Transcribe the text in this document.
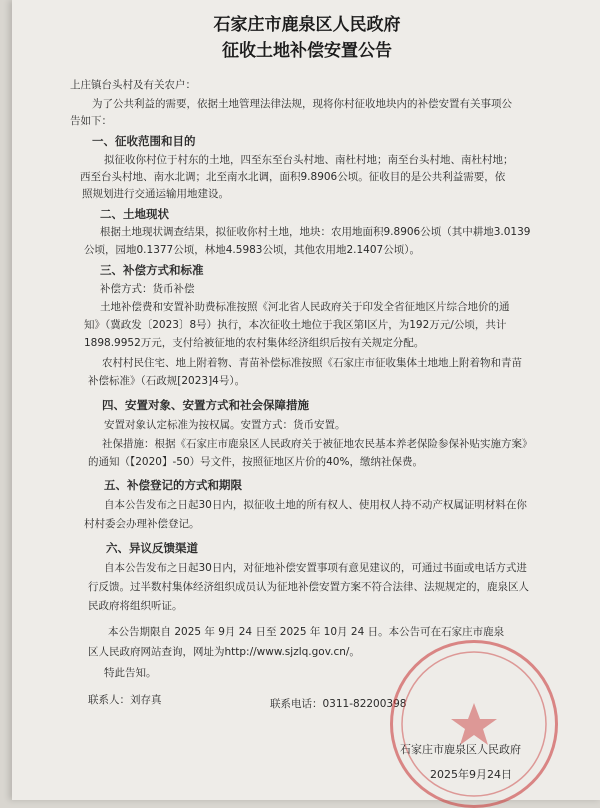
石家庄市鹿泉区人民政府
征收土地补偿安置公告
上庄镇台头村及有关农户：
为了公共利益的需要，依据土地管理法律法规，现将你村征收地块内的补偿安置有关事项公
告如下：
一、征收范围和目的
拟征收你村位于村东的土地，四至东至台头村地、南杜村地；南至台头村地、南杜村地；
西至台头村地、南水北调；北至南水北调，面积9.8906公顷。征收目的是公共利益需要，依
照规划进行交通运输用地建设。
二、土地现状
根据土地现状调查结果，拟征收你村土地，地块：农用地面积9.8906公顷（其中耕地3.0139
公顷，园地0.1377公顷，林地4.5983公顷，其他农用地2.1407公顷）。
三、补偿方式和标准
补偿方式：货币补偿
土地补偿费和安置补助费标准按照《河北省人民政府关于印发全省征地区片综合地价的通
知》（冀政发〔2023〕8号）执行，本次征收土地位于我区第Ⅰ区片，为192万元/公顷，共计
1898.9952万元，支付给被征地的农村集体经济组织后按有关规定分配。
农村村民住宅、地上附着物、青苗补偿标准按照《石家庄市征收集体土地地上附着物和青苗
补偿标准》（石政规[2023]4号）。
四、安置对象、安置方式和社会保障措施
安置对象认定标准为按权属。安置方式：货币安置。
社保措施：根据《石家庄市鹿泉区人民政府关于被征地农民基本养老保险参保补贴实施方案》
的通知（【2020】-50）号文件，按照征地区片价的40%，缴纳社保费。
五、补偿登记的方式和期限
自本公告发布之日起30日内，拟征收土地的所有权人、使用权人持不动产权属证明材料在你
村村委会办理补偿登记。
六、异议反馈渠道
自本公告发布之日起30日内，对征地补偿安置事项有意见建议的，可通过书面或电话方式进
行反馈。过半数村集体经济组织成员认为征地补偿安置方案不符合法律、法规规定的，鹿泉区人
民政府将组织听证。
本公告期限自 2025 年 9月 24 日至 2025 年 10月 24 日。本公告可在石家庄市鹿泉
区人民政府网站查询，网址为http://www.sjzlq.gov.cn/。
特此告知。
联系人：刘存真	联系电话：0311-82200398
石家庄市鹿泉区人民政府
2025年9月24日
